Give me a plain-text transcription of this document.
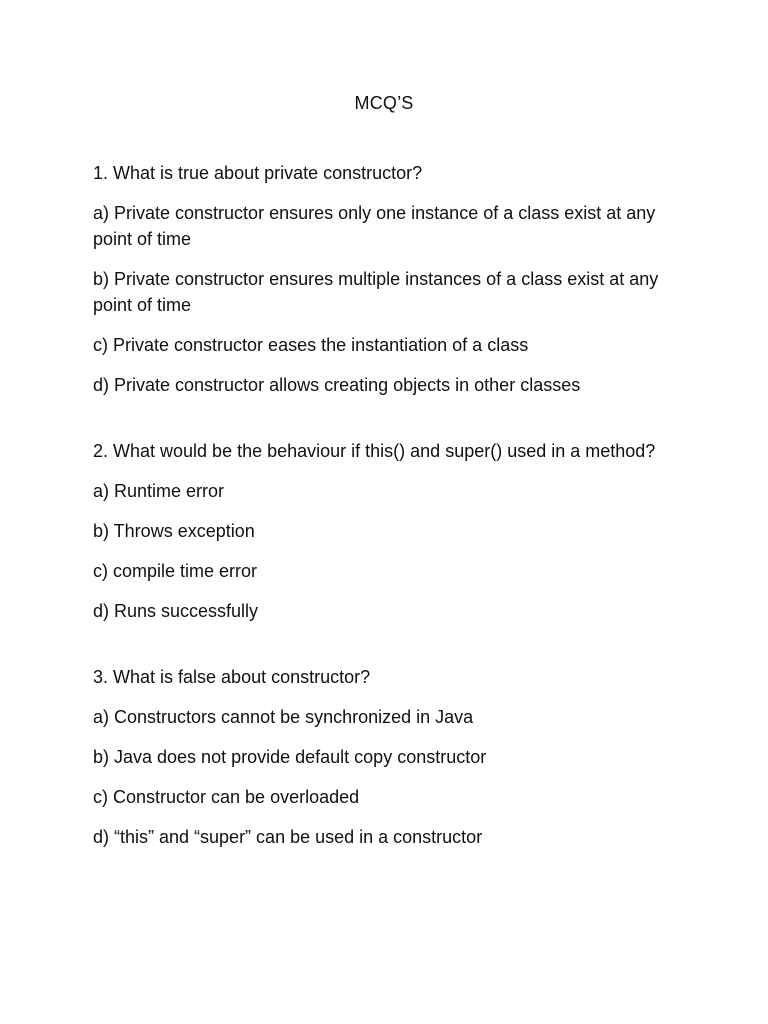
MCQ’S

1. What is true about private constructor?

a) Private constructor ensures only one instance of a class exist at any point of time

b) Private constructor ensures multiple instances of a class exist at any point of time

c) Private constructor eases the instantiation of a class

d) Private constructor allows creating objects in other classes

2. What would be the behaviour if this() and super() used in a method?

a) Runtime error

b) Throws exception

c) compile time error

d) Runs successfully

3. What is false about constructor?

a) Constructors cannot be synchronized in Java

b) Java does not provide default copy constructor

c) Constructor can be overloaded

d) “this” and “super” can be used in a constructor
